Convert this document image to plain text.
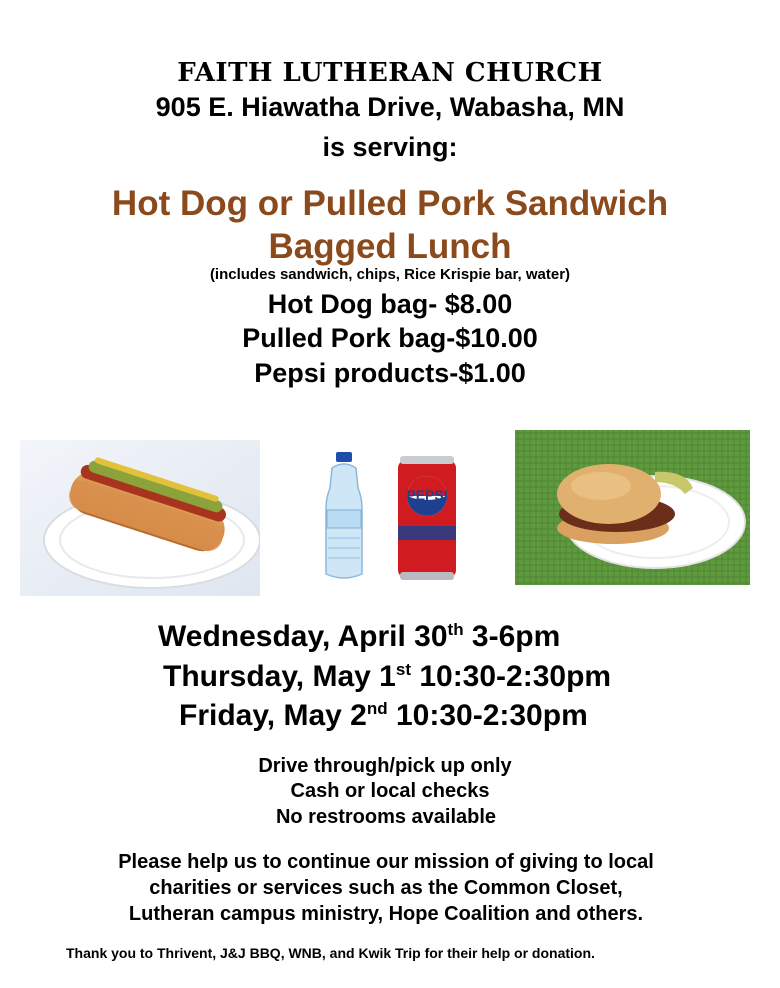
FAITH LUTHERAN CHURCH
905 E. Hiawatha Drive, Wabasha, MN
is serving:
Hot Dog or Pulled Pork Sandwich
Bagged Lunch
(includes sandwich, chips, Rice Krispie bar, water)
Hot Dog bag- $8.00
Pulled Pork bag-$10.00
Pepsi products-$1.00
PEPSI
Wednesday, April 30th 3-6pm
Thursday, May 1st 10:30-2:30pm
Friday, May 2nd 10:30-2:30pm
Drive through/pick up only
Cash or local checks
No restrooms available
Please help us to continue our mission of giving to local
charities or services such as the Common Closet,
Lutheran campus ministry, Hope Coalition and others.
Thank you to Thrivent, J&J BBQ, WNB, and Kwik Trip for their help or donation.
